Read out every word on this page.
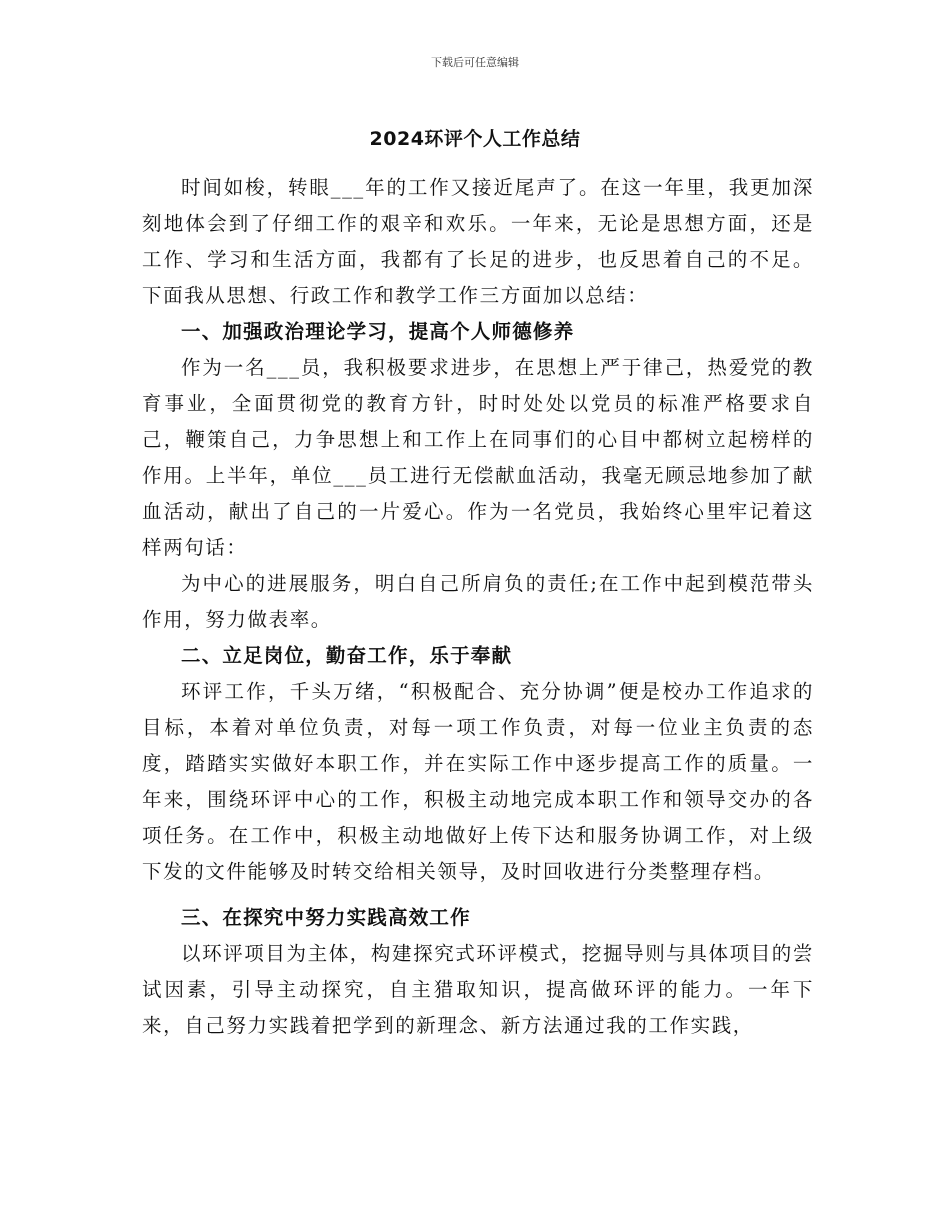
下载后可任意编辑
2024环评个人工作总结

时间如梭，转眼___年的工作又接近尾声了。在这一年里，我更加深刻地体会到了仔细工作的艰辛和欢乐。一年来，无论是思想方面，还是工作、学习和生活方面，我都有了长足的进步，也反思着自己的不足。下面我从思想、行政工作和教学工作三方面加以总结：

一、加强政治理论学习，提高个人师德修养

作为一名___员，我积极要求进步，在思想上严于律己，热爱党的教育事业，全面贯彻党的教育方针，时时处处以党员的标准严格要求自己，鞭策自己，力争思想上和工作上在同事们的心目中都树立起榜样的作用。上半年，单位___员工进行无偿献血活动，我毫无顾忌地参加了献血活动，献出了自己的一片爱心。作为一名党员，我始终心里牢记着这样两句话：

为中心的进展服务，明白自己所肩负的责任;在工作中起到模范带头作用，努力做表率。

二、立足岗位，勤奋工作，乐于奉献

环评工作，千头万绪，“积极配合、充分协调”便是校办工作追求的目标，本着对单位负责，对每一项工作负责，对每一位业主负责的态度，踏踏实实做好本职工作，并在实际工作中逐步提高工作的质量。一年来，围绕环评中心的工作，积极主动地完成本职工作和领导交办的各项任务。在工作中，积极主动地做好上传下达和服务协调工作，对上级下发的文件能够及时转交给相关领导，及时回收进行分类整理存档。

三、在探究中努力实践高效工作

以环评项目为主体，构建探究式环评模式，挖掘导则与具体项目的尝试因素，引导主动探究，自主猎取知识，提高做环评的能力。一年下来，自己努力实践着把学到的新理念、新方法通过我的工作实践，
